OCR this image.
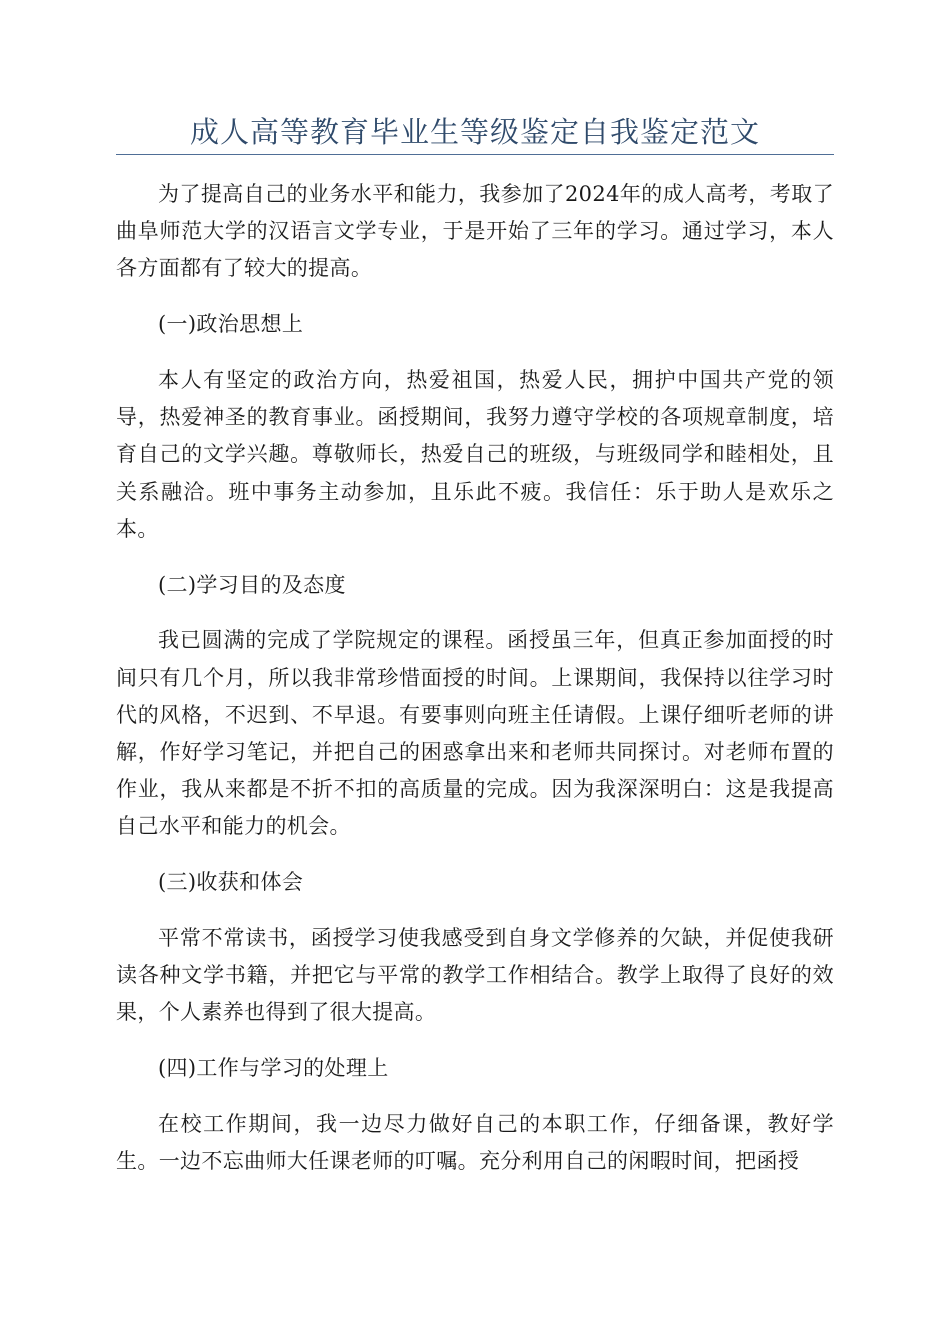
成人高等教育毕业生等级鉴定自我鉴定范文

为了提高自己的业务水平和能力，我参加了2024年的成人高考，考取了曲阜师范大学的汉语言文学专业，于是开始了三年的学习。通过学习，本人各方面都有了较大的提高。

(一)政治思想上

本人有坚定的政治方向，热爱祖国，热爱人民，拥护中国共产党的领导，热爱神圣的教育事业。函授期间，我努力遵守学校的各项规章制度，培育自己的文学兴趣。尊敬师长，热爱自己的班级，与班级同学和睦相处，且关系融洽。班中事务主动参加，且乐此不疲。我信任：乐于助人是欢乐之本。

(二)学习目的及态度

我已圆满的完成了学院规定的课程。函授虽三年，但真正参加面授的时间只有几个月，所以我非常珍惜面授的时间。上课期间，我保持以往学习时代的风格，不迟到、不早退。有要事则向班主任请假。上课仔细听老师的讲解，作好学习笔记，并把自己的困惑拿出来和老师共同探讨。对老师布置的作业，我从来都是不折不扣的高质量的完成。因为我深深明白：这是我提高自己水平和能力的机会。

(三)收获和体会

平常不常读书，函授学习使我感受到自身文学修养的欠缺，并促使我研读各种文学书籍，并把它与平常的教学工作相结合。教学上取得了良好的效果，个人素养也得到了很大提高。

(四)工作与学习的处理上

在校工作期间，我一边尽力做好自己的本职工作，仔细备课，教好学生。一边不忘曲师大任课老师的叮嘱。充分利用自己的闲暇时间，把函授
